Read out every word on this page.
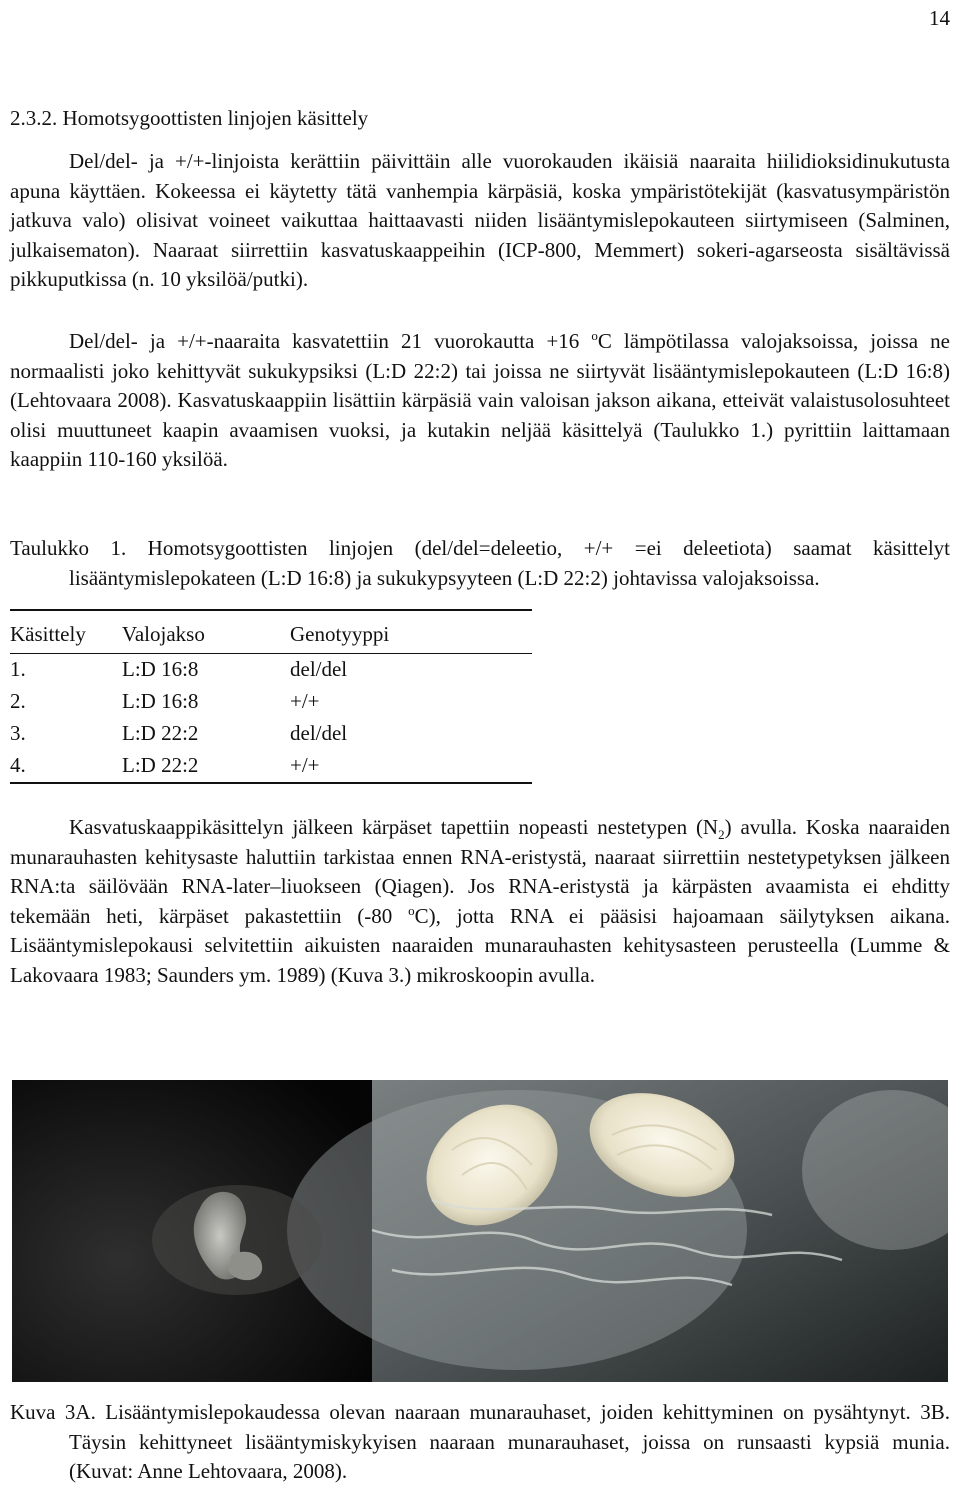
14
2.3.2. Homotsygoottisten linjojen käsittely

Del/del- ja +/+-linjoista kerättiin päivittäin alle vuorokauden ikäisiä naaraita hiilidioksidinukutusta apuna käyttäen. Kokeessa ei käytetty tätä vanhempia kärpäsiä, koska ympäristötekijät (kasvatusympäristön jatkuva valo) olisivat voineet vaikuttaa haittaavasti niiden lisääntymislepokauteen siirtymiseen (Salminen, julkaisematon). Naaraat siirrettiin kasvatuskaappeihin (ICP-800, Memmert) sokeri-agarseosta sisältävissä pikkuputkissa (n. 10 yksilöä/putki).

Del/del- ja +/+-naaraita kasvatettiin 21 vuorokautta +16 $^o$C lämpötilassa valojaksoissa, joissa ne normaalisti joko kehittyvät sukukypsiksi (L:D 22:2) tai joissa ne siirtyvät lisääntymislepokauteen (L:D 16:8) (Lehtovaara 2008). Kasvatuskaappiin lisättiin kärpäsiä vain valoisan jakson aikana, etteivät valaistusolosuhteet olisi muuttuneet kaapin avaamisen vuoksi, ja kutakin neljää käsittelyä (Taulukko 1.) pyrittiin laittamaan kaappiin 110-160 yksilöä.

Taulukko 1. Homotsygoottisten linjojen (del/del=deleetio, +/+ =ei deleetiota) saamat käsittelyt lisääntymislepokateen (L:D 16:8) ja sukukypsyyteen (L:D 22:2) johtavissa valojaksoissa.

Käsittely	Valojakso	Genotyyppi

1.	L:D 16:8	del/del
2.	L:D 16:8	+/+
3.	L:D 22:2	del/del
4.	L:D 22:2	+/+

Kasvatuskaappikäsittelyn jälkeen kärpäset tapettiin nopeasti nestetypen $(N_2)$ avulla. Koska naaraiden munarauhasten kehitysaste haluttiin tarkistaa ennen RNA-eristystä, naaraat siirrettiin nestetypetyksen jälkeen RNA:ta säilövään RNA-later–liuokseen (Qiagen). Jos RNA-eristystä ja kärpästen avaamista ei ehditty tekemään heti, kärpäset pakastettiin (-80 $^o$C), jotta RNA ei pääsisi hajoamaan säilytyksen aikana. Lisääntymislepokausi selvitettiin aikuisten naaraiden munarauhasten kehitysasteen perusteella (Lumme & Lakovaara 1983; Saunders ym. 1989) (Kuva 3.) mikroskoopin avulla.

Kuva 3A. Lisääntymislepokaudessa olevan naaraan munarauhaset, joiden kehittyminen on pysähtynyt. 3B. Täysin kehittyneet lisääntymiskykyisen naaraan munarauhaset, joissa on runsaasti kypsiä munia. (Kuvat: Anne Lehtovaara, 2008).
